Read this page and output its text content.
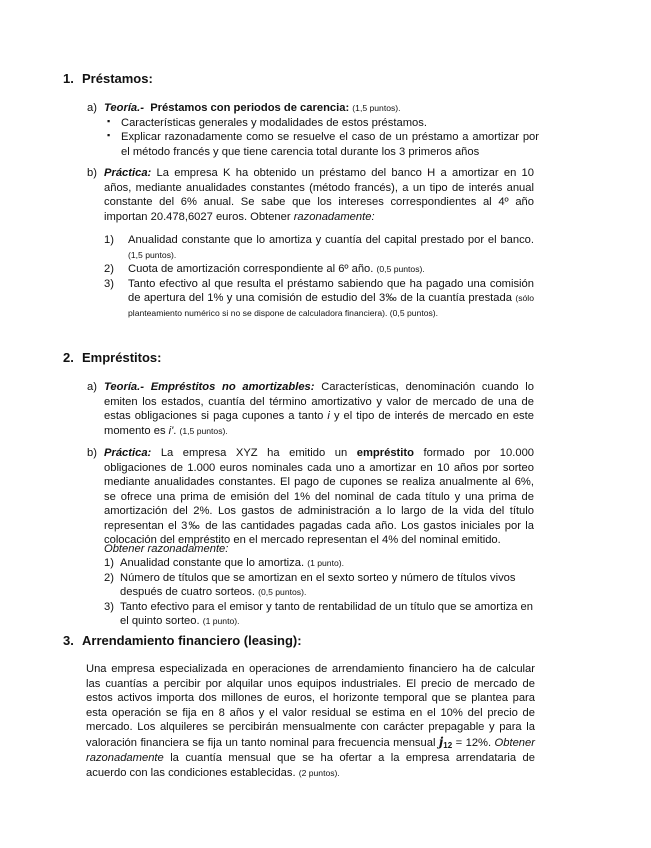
1. Préstamos:
a) Teoría.- Préstamos con periodos de carencia: (1,5 puntos).
▪ Características generales y modalidades de estos préstamos.
▪ Explicar razonadamente como se resuelve el caso de un préstamo a amortizar por el método francés y que tiene carencia total durante los 3 primeros años
b) Práctica: La empresa K ha obtenido un préstamo del banco H a amortizar en 10 años, mediante anualidades constantes (método francés), a un tipo de interés anual constante del 6% anual. Se sabe que los intereses correspondientes al 4º año importan 20.478,6027 euros. Obtener razonadamente:
1) Anualidad constante que lo amortiza y cuantía del capital prestado por el banco. (1,5 puntos).
2) Cuota de amortización correspondiente al 6º año. (0,5 puntos).
3) Tanto efectivo al que resulta el préstamo sabiendo que ha pagado una comisión de apertura del 1% y una comisión de estudio del 3‰ de la cuantía prestada (sólo planteamiento numérico si no se dispone de calculadora financiera). (0,5 puntos).
2. Empréstitos:
a) Teoría.- Empréstitos no amortizables: Características, denominación cuando lo emiten los estados, cuantía del término amortizativo y valor de mercado de una de estas obligaciones si paga cupones a tanto i y el tipo de interés de mercado en este momento es i'. (1,5 puntos).
b) Práctica: La empresa XYZ ha emitido un empréstito formado por 10.000 obligaciones de 1.000 euros nominales cada uno a amortizar en 10 años por sorteo mediante anualidades constantes. El pago de cupones se realiza anualmente al 6%, se ofrece una prima de emisión del 1% del nominal de cada título y una prima de amortización del 2%. Los gastos de administración a lo largo de la vida del título representan el 3‰ de las cantidades pagadas cada año. Los gastos iniciales por la colocación del empréstito en el mercado representan el 4% del nominal emitido.
Obtener razonadamente:
1) Anualidad constante que lo amortiza. (1 punto).
2) Número de títulos que se amortizan en el sexto sorteo y número de títulos vivos después de cuatro sorteos. (0,5 puntos).
3) Tanto efectivo para el emisor y tanto de rentabilidad de un título que se amortiza en el quinto sorteo. (1 punto).
3. Arrendamiento financiero (leasing):
Una empresa especializada en operaciones de arrendamiento financiero ha de calcular las cuantías a percibir por alquilar unos equipos industriales. El precio de mercado de estos activos importa dos millones de euros, el horizonte temporal que se plantea para esta operación se fija en 8 años y el valor residual se estima en el 10% del precio de mercado. Los alquileres se percibirán mensualmente con carácter prepagable y para la valoración financiera se fija un tanto nominal para frecuencia mensual $j_{12} = 12\%$. Obtener razonadamente la cuantía mensual que se ha ofertar a la empresa arrendataria de acuerdo con las condiciones establecidas. (2 puntos).
